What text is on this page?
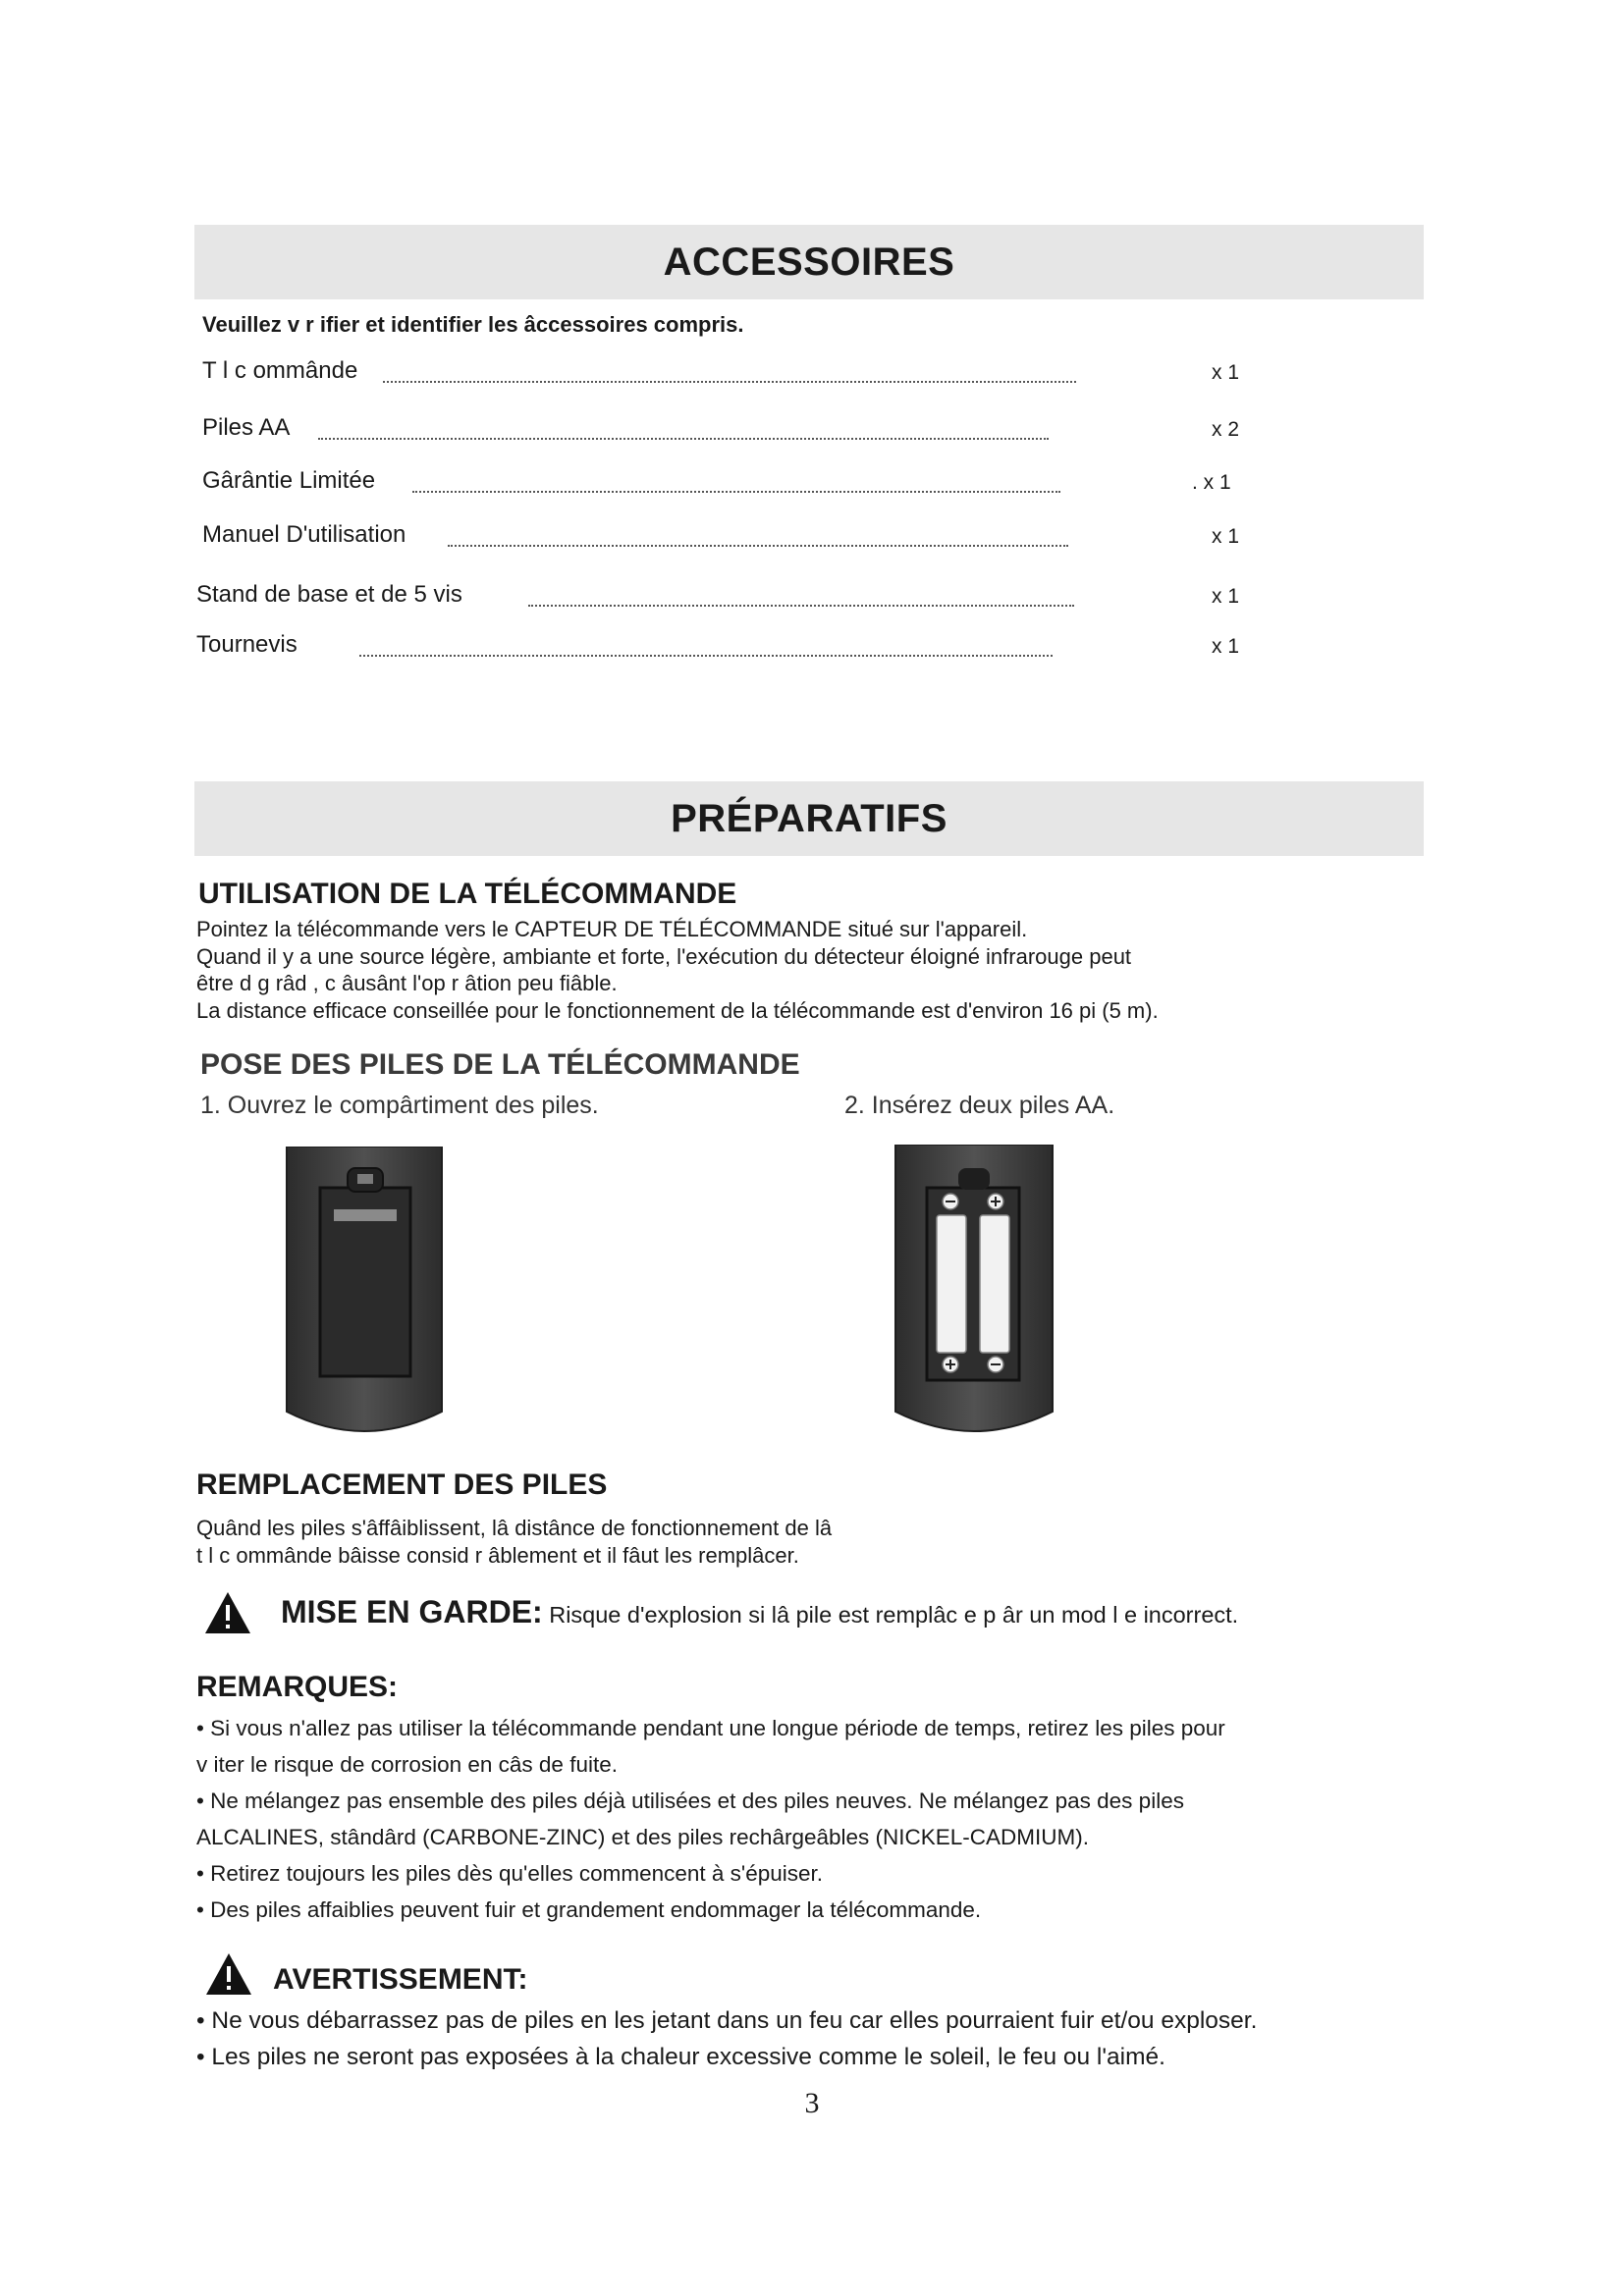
ACCESSOIRES
Veuillez v r ifier et identifier les âccessoires compris.
T l c ommânde	x 1
Piles AA	x 2
Gârântie Limitée	. x 1
Manuel D'utilisation	x 1
Stand de base et de 5 vis	x 1
Tournevis	x 1
PRÉPARATIFS
UTILISATION DE LA TÉLÉCOMMANDE
Pointez la télécommande vers le CAPTEUR DE TÉLÉCOMMANDE situé sur l'appareil.
Quand il y a une source légère, ambiante et forte, l'exécution du détecteur éloigné infrarouge peut
être d g râd , c âusânt l'op r âtion peu fiâble.
La distance efficace conseillée pour le fonctionnement de la télécommande est d'environ 16 pi (5 m).
POSE DES PILES DE LA TÉLÉCOMMANDE
1. Ouvrez le compârtiment des piles.	2. Insérez deux piles AA.
REMPLACEMENT DES PILES
Quând les piles s'âffâiblissent, lâ distânce de fonctionnement de lâ
t l c ommânde bâisse consid r âblement et il fâut les remplâcer.
MISE EN GARDE: Risque d'explosion si lâ pile est remplâc e p âr un mod l e incorrect.
REMARQUES:
• Si vous n'allez pas utiliser la télécommande pendant une longue période de temps, retirez les piles pour
v iter le risque de corrosion en câs de fuite.
• Ne mélangez pas ensemble des piles déjà utilisées et des piles neuves. Ne mélangez pas des piles
ALCALINES, stândârd (CARBONE-ZINC) et des piles rechârgeâbles (NICKEL-CADMIUM).
• Retirez toujours les piles dès qu'elles commencent à s'épuiser.
• Des piles affaiblies peuvent fuir et grandement endommager la télécommande.
AVERTISSEMENT:
• Ne vous débarrassez pas de piles en les jetant dans un feu car elles pourraient fuir et/ou exploser.
• Les piles ne seront pas exposées à la chaleur excessive comme le soleil, le feu ou l'aimé.
3
